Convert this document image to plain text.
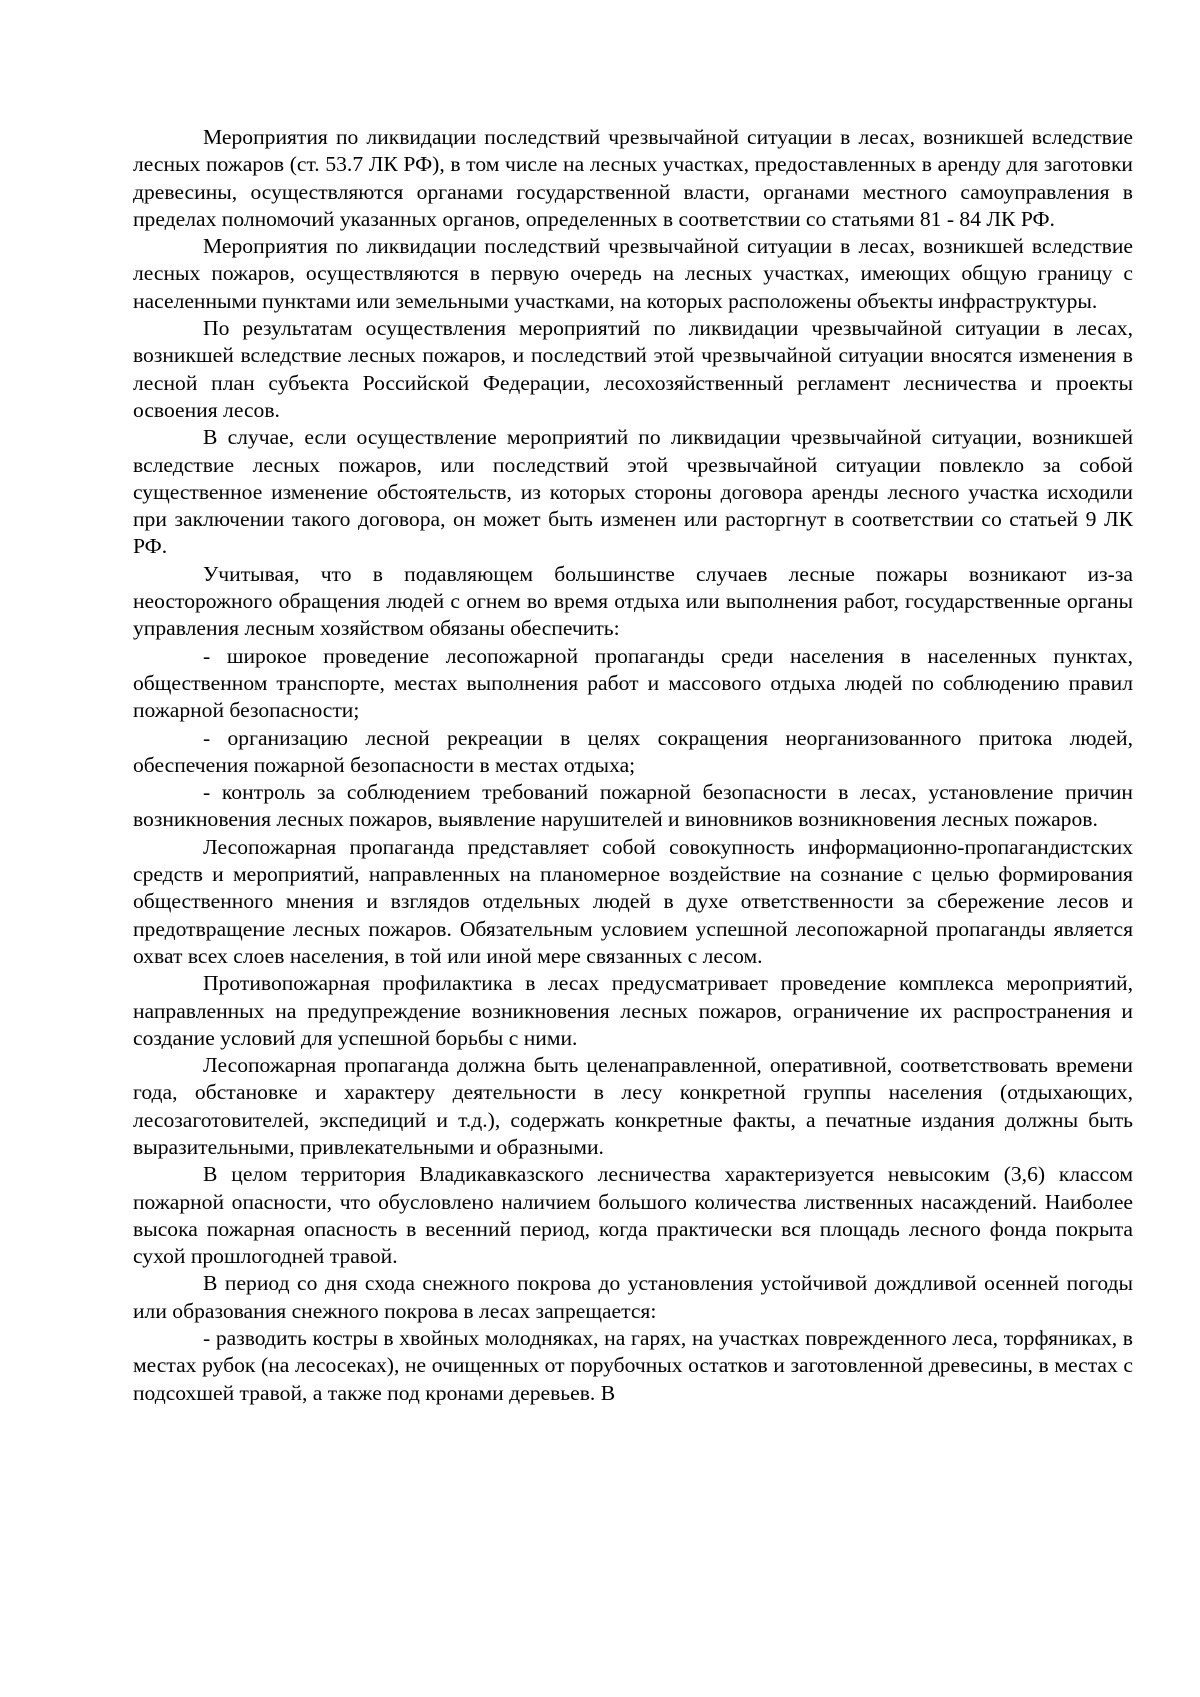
Мероприятия по ликвидации последствий чрезвычайной ситуации в лесах, возникшей вследствие лесных пожаров (ст. 53.7 ЛК РФ), в том числе на лесных участках, предоставленных в аренду для заготовки древесины, осуществляются органами государственной власти, органами местного самоуправления в пределах полномочий указанных органов, определенных в соответствии со статьями 81 - 84 ЛК РФ.

Мероприятия по ликвидации последствий чрезвычайной ситуации в лесах, возникшей вследствие лесных пожаров, осуществляются в первую очередь на лесных участках, имеющих общую границу с населенными пунктами или земельными участками, на которых расположены объекты инфраструктуры.

По результатам осуществления мероприятий по ликвидации чрезвычайной ситуации в лесах, возникшей вследствие лесных пожаров, и последствий этой чрезвычайной ситуации вносятся изменения в лесной план субъекта Российской Федерации, лесохозяйственный регламент лесничества и проекты освоения лесов.

В случае, если осуществление мероприятий по ликвидации чрезвычайной ситуации, возникшей вследствие лесных пожаров, или последствий этой чрезвычайной ситуации повлекло за собой существенное изменение обстоятельств, из которых стороны договора аренды лесного участка исходили при заключении такого договора, он может быть изменен или расторгнут в соответствии со статьей 9 ЛК РФ.

Учитывая, что в подавляющем большинстве случаев лесные пожары возникают из-за неосторожного обращения людей с огнем во время отдыха или выполнения работ, государственные органы управления лесным хозяйством обязаны обеспечить:

- широкое проведение лесопожарной пропаганды среди населения в населенных пунктах, общественном транспорте, местах выполнения работ и массового отдыха людей по соблюдению правил пожарной безопасности;

- организацию лесной рекреации в целях сокращения неорганизованного притока людей, обеспечения пожарной безопасности в местах отдыха;

- контроль за соблюдением требований пожарной безопасности в лесах, установление причин возникновения лесных пожаров, выявление нарушителей и виновников возникновения лесных пожаров.

Лесопожарная пропаганда представляет собой совокупность информационно-пропагандистских средств и мероприятий, направленных на планомерное воздействие на сознание с целью формирования общественного мнения и взглядов отдельных людей в духе ответственности за сбережение лесов и предотвращение лесных пожаров. Обязательным условием успешной лесопожарной пропаганды является охват всех слоев населения, в той или иной мере связанных с лесом.

Противопожарная профилактика в лесах предусматривает проведение комплекса мероприятий, направленных на предупреждение возникновения лесных пожаров, ограничение их распространения и создание условий для успешной борьбы с ними.

Лесопожарная пропаганда должна быть целенаправленной, оперативной, соответствовать времени года, обстановке и характеру деятельности в лесу конкретной группы населения (отдыхающих, лесозаготовителей, экспедиций и т.д.), содержать конкретные факты, а печатные издания должны быть выразительными, привлекательными и образными.

В целом территория Владикавказского лесничества характеризуется невысоким (3,6) классом пожарной опасности, что обусловлено наличием большого количества лиственных насаждений. Наиболее высока пожарная опасность в весенний период, когда практически вся площадь лесного фонда покрыта сухой прошлогодней травой.

В период со дня схода снежного покрова до установления устойчивой дождливой осенней погоды или образования снежного покрова в лесах запрещается:

- разводить костры в хвойных молодняках, на гарях, на участках поврежденного леса, торфяниках, в местах рубок (на лесосеках), не очищенных от порубочных остатков и заготовленной древесины, в местах с подсохшей травой, а также под кронами деревьев. В
